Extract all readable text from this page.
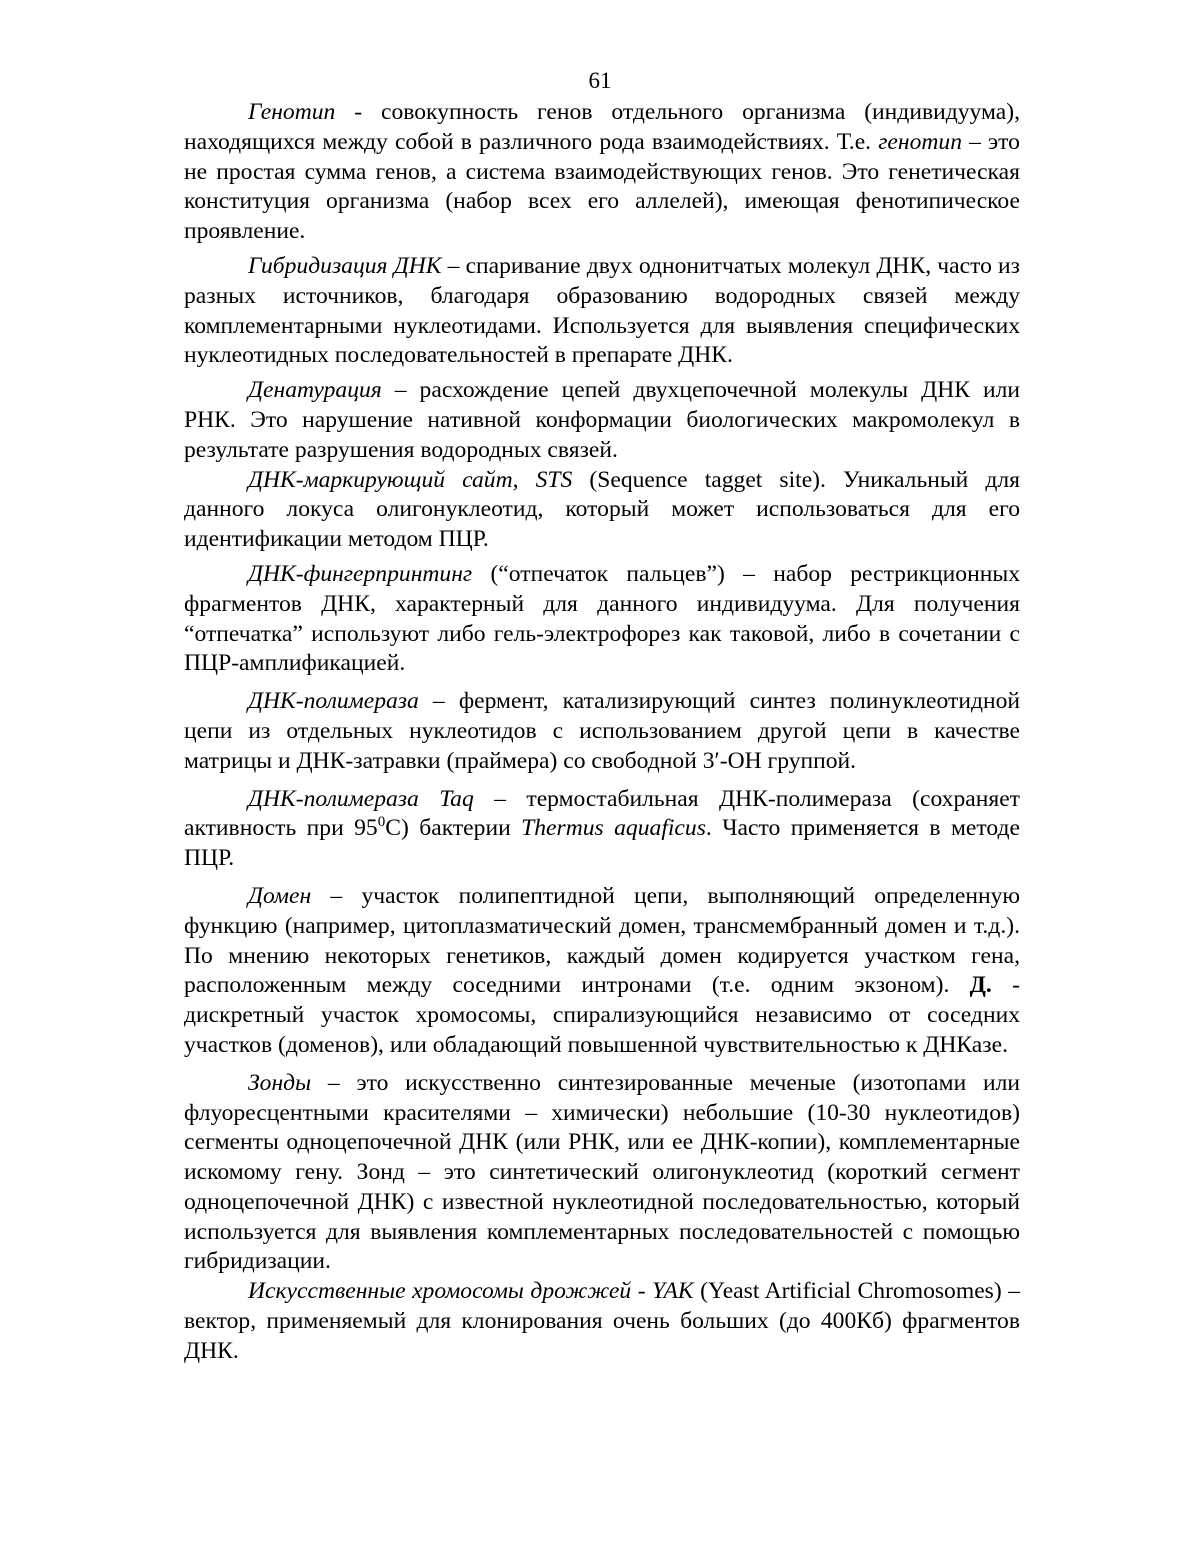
61

Генотип - совокупность генов отдельного организма (индивидуума), находящихся между собой в различного рода взаимодействиях. Т.е. генотип – это не простая сумма генов, а система взаимодействующих генов. Это генетическая конституция организма (набор всех его аллелей), имеющая фенотипическое проявление.

Гибридизация ДНК – спаривание двух однонитчатых молекул ДНК, часто из разных источников, благодаря образованию водородных связей между комплементарными нуклеотидами. Используется для выявления специфических нуклеотидных последовательностей в препарате ДНК.

Денатурация – расхождение цепей двухцепочечной молекулы ДНК или РНК. Это нарушение нативной конформации биологических макромолекул в результате разрушения водородных связей.

ДНК-маркирующий сайт, STS (Sequence tagget site). Уникальный для данного локуса олигонуклеотид, который может использоваться для его идентификации методом ПЦР.

ДНК-фингерпринтинг (“отпечаток пальцев”) – набор рестрикционных фрагментов ДНК, характерный для данного индивидуума. Для получения “отпечатка” используют либо гель-электрофорез как таковой, либо в сочетании с ПЦР-амплификацией.

ДНК-полимераза – фермент, катализирующий синтез полинуклеотидной цепи из отдельных нуклеотидов с использованием другой цепи в качестве матрицы и ДНК-затравки (праймера) со свободной 3′-ОН группой.

ДНК-полимераза Taq – термостабильная ДНК-полимераза (сохраняет активность при $95^0С$) бактерии Thermus aquaficus. Часто применяется в методе ПЦР.

Домен – участок полипептидной цепи, выполняющий определенную функцию (например, цитоплазматический домен, трансмембранный домен и т.д.). По мнению некоторых генетиков, каждый домен кодируется участком гена, расположенным между соседними интронами (т.е. одним экзоном). Д. - дискретный участок хромосомы, спирализующийся независимо от соседних участков (доменов), или обладающий повышенной чувствительностью к ДНКазе.

Зонды – это искусственно синтезированные меченые (изотопами или флуоресцентными красителями – химически) небольшие (10-30 нуклеотидов) сегменты одноцепочечной ДНК (или РНК, или ее ДНК-копии), комплементарные искомому гену. Зонд – это синтетический олигонуклеотид (короткий сегмент одноцепочечной ДНК) с известной нуклеотидной последовательностью, который используется для выявления комплементарных последовательностей с помощью гибридизации.

Искусственные хромосомы дрожжей - YAK (Yeast Artificial Chromosomes) – вектор, применяемый для клонирования очень больших (до 400Кб) фрагментов ДНК.
